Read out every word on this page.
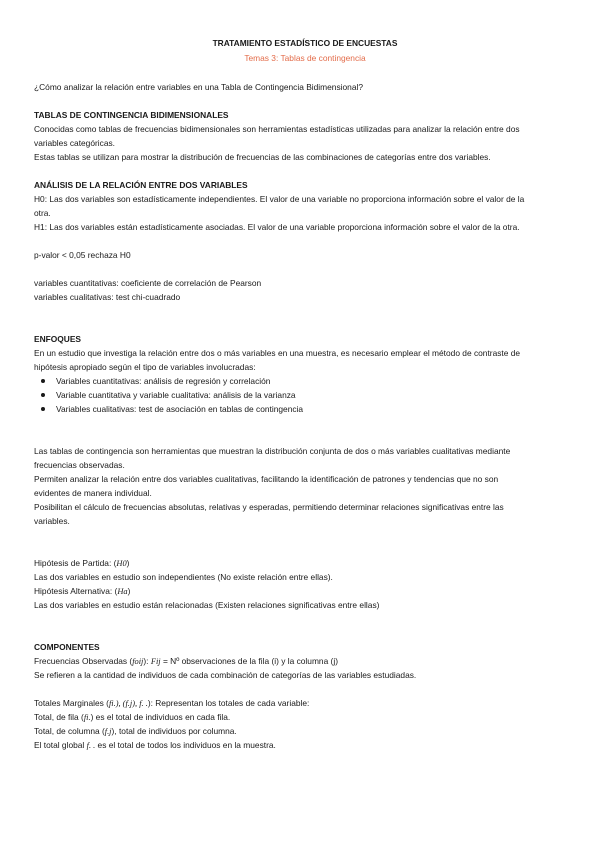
TRATAMIENTO ESTADÍSTICO DE ENCUESTAS
Temas 3: Tablas de contingencia
¿Cómo analizar la relación entre variables en una Tabla de Contingencia Bidimensional?
TABLAS DE CONTINGENCIA BIDIMENSIONALES
Conocidas como tablas de frecuencias bidimensionales son herramientas estadísticas utilizadas para analizar la relación entre dos
variables categóricas.
Estas tablas se utilizan para mostrar la distribución de frecuencias de las combinaciones de categorías entre dos variables.
ANÁLISIS DE LA RELACIÓN ENTRE DOS VARIABLES
H0: Las dos variables son estadísticamente independientes. El valor de una variable no proporciona información sobre el valor de la
otra.
H1: Las dos variables están estadísticamente asociadas. El valor de una variable proporciona información sobre el valor de la otra.
p-valor < 0,05 rechaza H0
variables cuantitativas: coeficiente de correlación de Pearson
variables cualitativas: test chi-cuadrado
ENFOQUES
En un estudio que investiga la relación entre dos o más variables en una muestra, es necesario emplear el método de contraste de
hipótesis apropiado según el tipo de variables involucradas:
Variables cuantitativas: análisis de regresión y correlación
Variable cuantitativa y variable cualitativa: análisis de la varianza
Variables cualitativas: test de asociación en tablas de contingencia
Las tablas de contingencia son herramientas que muestran la distribución conjunta de dos o más variables cualitativas mediante
frecuencias observadas.
Permiten analizar la relación entre dos variables cualitativas, facilitando la identificación de patrones y tendencias que no son
evidentes de manera individual.
Posibilitan el cálculo de frecuencias absolutas, relativas y esperadas, permitiendo determinar relaciones significativas entre las
variables.
Hipótesis de Partida: (H0)
Las dos variables en estudio son independientes (No existe relación entre ellas).
Hipótesis Alternativa: (Ha)
Las dos variables en estudio están relacionadas (Existen relaciones significativas entre ellas)
COMPONENTES
Frecuencias Observadas (foij): Fij = Nº observaciones de la fila (i) y la columna (j)
Se refieren a la cantidad de individuos de cada combinación de categorías de las variables estudiadas.
Totales Marginales (fi.), (f.j), f. .): Representan los totales de cada variable:
Total, de fila (fi.) es el total de individuos en cada fila.
Total, de columna (f.j), total de individuos por columna.
El total global f. . es el total de todos los individuos en la muestra.
